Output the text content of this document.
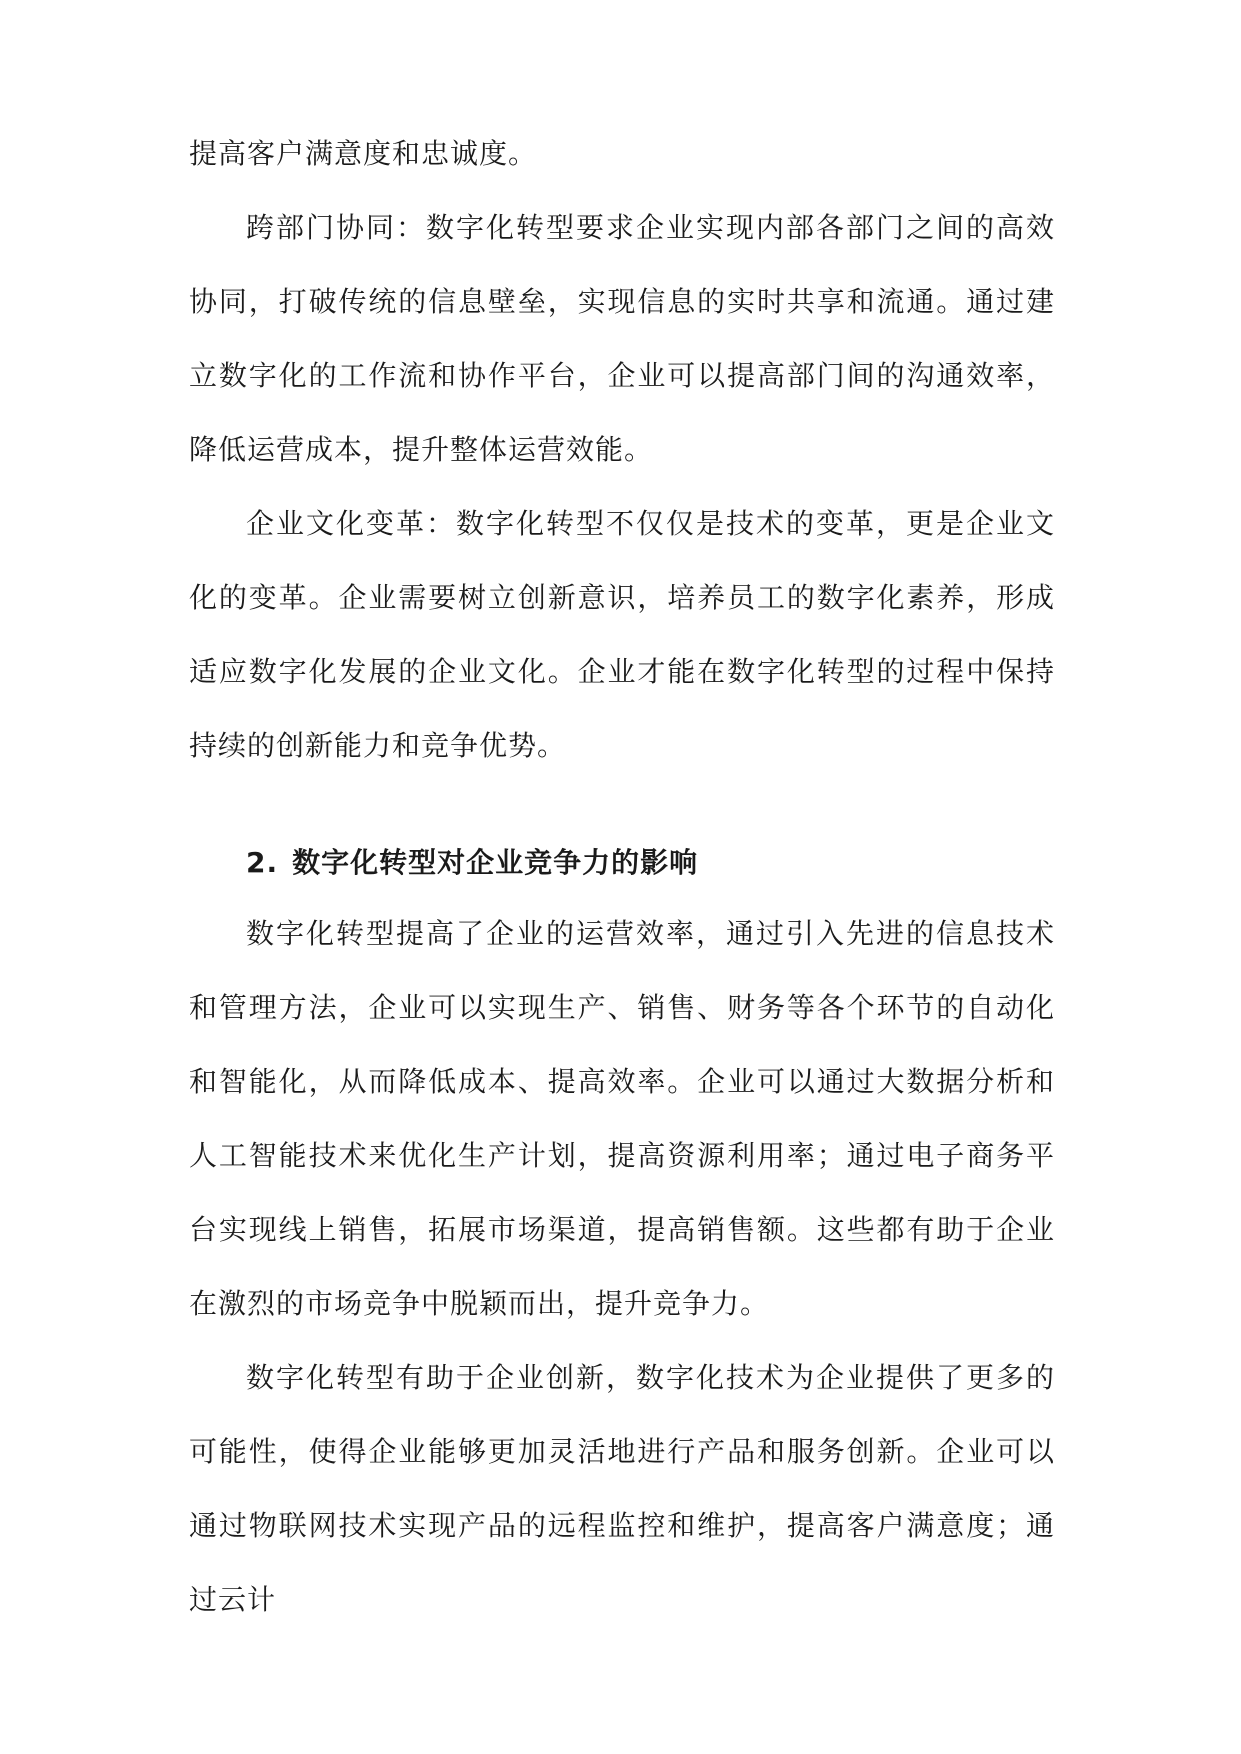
提高客户满意度和忠诚度。

跨部门协同：数字化转型要求企业实现内部各部门之间的高效协同，打破传统的信息壁垒，实现信息的实时共享和流通。通过建立数字化的工作流和协作平台，企业可以提高部门间的沟通效率，降低运营成本，提升整体运营效能。

企业文化变革：数字化转型不仅仅是技术的变革，更是企业文化的变革。企业需要树立创新意识，培养员工的数字化素养，形成适应数字化发展的企业文化。企业才能在数字化转型的过程中保持持续的创新能力和竞争优势。

2. 数字化转型对企业竞争力的影响

数字化转型提高了企业的运营效率，通过引入先进的信息技术和管理方法，企业可以实现生产、销售、财务等各个环节的自动化和智能化，从而降低成本、提高效率。企业可以通过大数据分析和人工智能技术来优化生产计划，提高资源利用率；通过电子商务平台实现线上销售，拓展市场渠道，提高销售额。这些都有助于企业在激烈的市场竞争中脱颖而出，提升竞争力。

数字化转型有助于企业创新，数字化技术为企业提供了更多的可能性，使得企业能够更加灵活地进行产品和服务创新。企业可以通过物联网技术实现产品的远程监控和维护，提高客户满意度；通过云计
